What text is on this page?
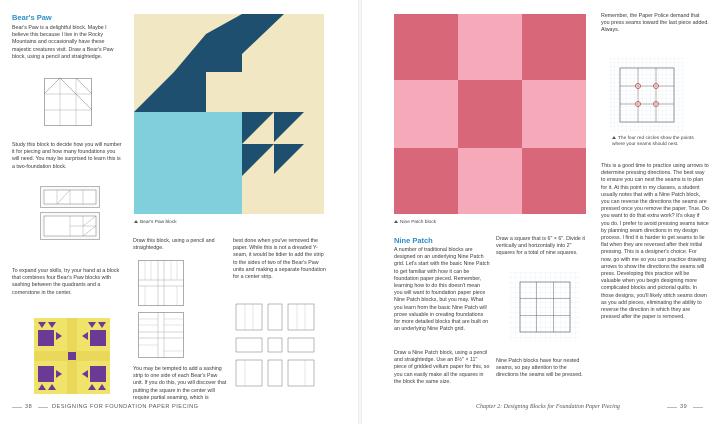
Bear's Paw
Bear's Paw is a delightful block. Maybe I believe this because I live in the Rocky Mountains and occasionally have these majestic creatures visit. Draw a Bear's Paw block, using a pencil and straightedge.
Study this block to decide how you will number it for piecing and how many foundations you will need. You may be surprised to learn this is a two-foundation block.
To expand your skills, try your hand at a block that combines four Bear's Paw blocks with sashing between the quadrants and a cornerstone in the center.
Bear's Paw block
Draw this block, using a pencil and straightedge.
You may be tempted to add a sashing strip to one side of each Bear's Paw unit. If you do this, you will discover that putting the square in the center will require partial seaming, which is
best done when you've removed the paper. While this is not a dreaded Y-seam, it would be tidier to add the strip to the sides of two of the Bear's Paw units and making a separate foundation for a center strip.
38	DESIGNING FOR FOUNDATION PAPER PIECING
Nine Patch block
Nine Patch
A number of traditional blocks are designed on an underlying Nine Patch grid. Let's start with the basic Nine Patch to get familiar with how it can be foundation paper pieced. Remember, learning how to do this doesn't mean you will want to foundation paper piece Nine Patch blocks, but you may. What you learn from the basic Nine Patch will prove valuable in creating foundations for more detailed blocks that are built on an underlying Nine Patch grid.
Draw a Nine Patch block, using a pencil and straightedge. Use an 8½" × 11" piece of gridded vellum paper for this, so you can easily make all the squares in the block the same size.
Draw a square that is 6" × 6". Divide it vertically and horizontally into 2" squares for a total of nine squares.
Nine Patch blocks have four nested seams, so pay attention to the directions the seams will be pressed.
Remember, the Paper Police demand that you press seams toward the last piece added. Always.
The four red circles show the points where your seams should nest.
This is a good time to practice using arrows to determine pressing directions. The best way to ensure you can nest the seams is to plan for it. At this point in my classes, a student usually notes that with a Nine Patch block, you can reverse the directions the seams are pressed once you remove the paper. True. Do you want to do that extra work? It's okay if you do. I prefer to avoid pressing seams twice by planning seam directions in my design process. I find it is harder to get seams to lie flat when they are reversed after their initial pressing. This is a designer's choice. For now, go with me so you can practice drawing arrows to show the directions the seams will press. Developing this practice will be valuable when you begin designing more complicated blocks and pictorial quilts. In those designs, you'll likely stitch seams down as you add pieces, eliminating the ability to reverse the direction in which they are pressed after the paper is removed.
Chapter 2: Designing Blocks for Foundation Paper Piecing	39
